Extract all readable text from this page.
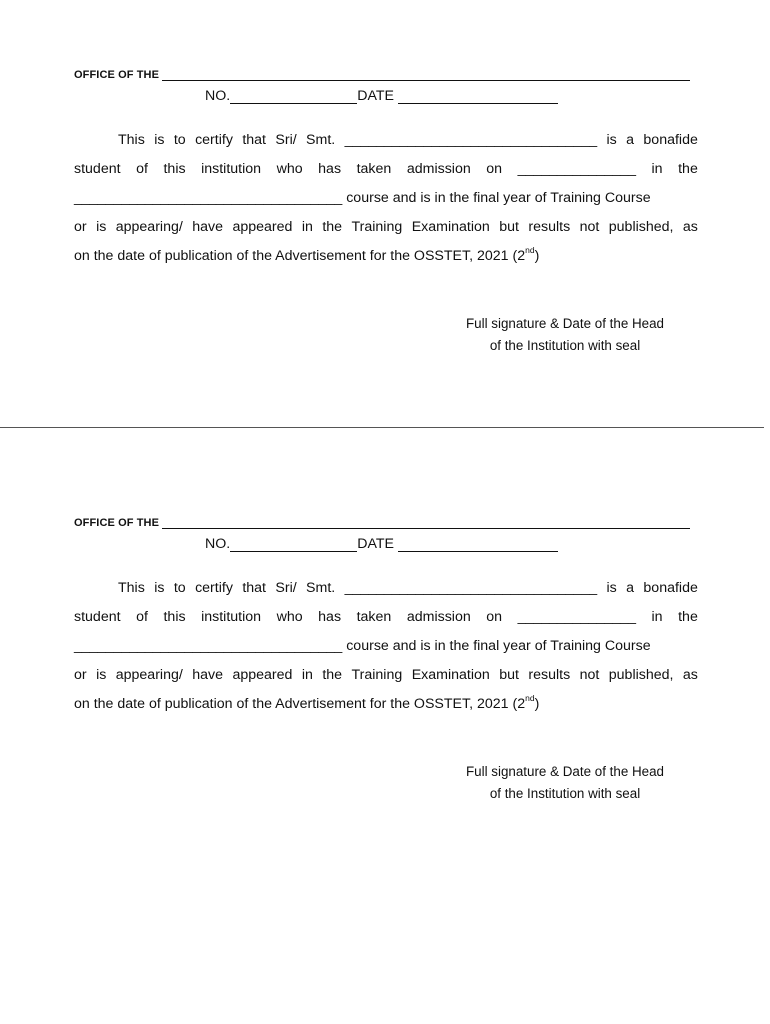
OFFICE OF THE
NO.	DATE
This is to certify that Sri/ Smt. ________________________________ is a bonafide
student of this institution who has taken admission on _______________ in the
__________________________________ course and is in the final year of Training Course
or is appearing/ have appeared in the Training Examination but results not published, as
on the date of publication of the Advertisement for the OSSTET, 2021 (2nd)
Full signature & Date of the Head
of the Institution with seal
OFFICE OF THE
NO.	DATE
This is to certify that Sri/ Smt. ________________________________ is a bonafide
student of this institution who has taken admission on _______________ in the
__________________________________ course and is in the final year of Training Course
or is appearing/ have appeared in the Training Examination but results not published, as
on the date of publication of the Advertisement for the OSSTET, 2021 (2nd)
Full signature & Date of the Head
of the Institution with seal
